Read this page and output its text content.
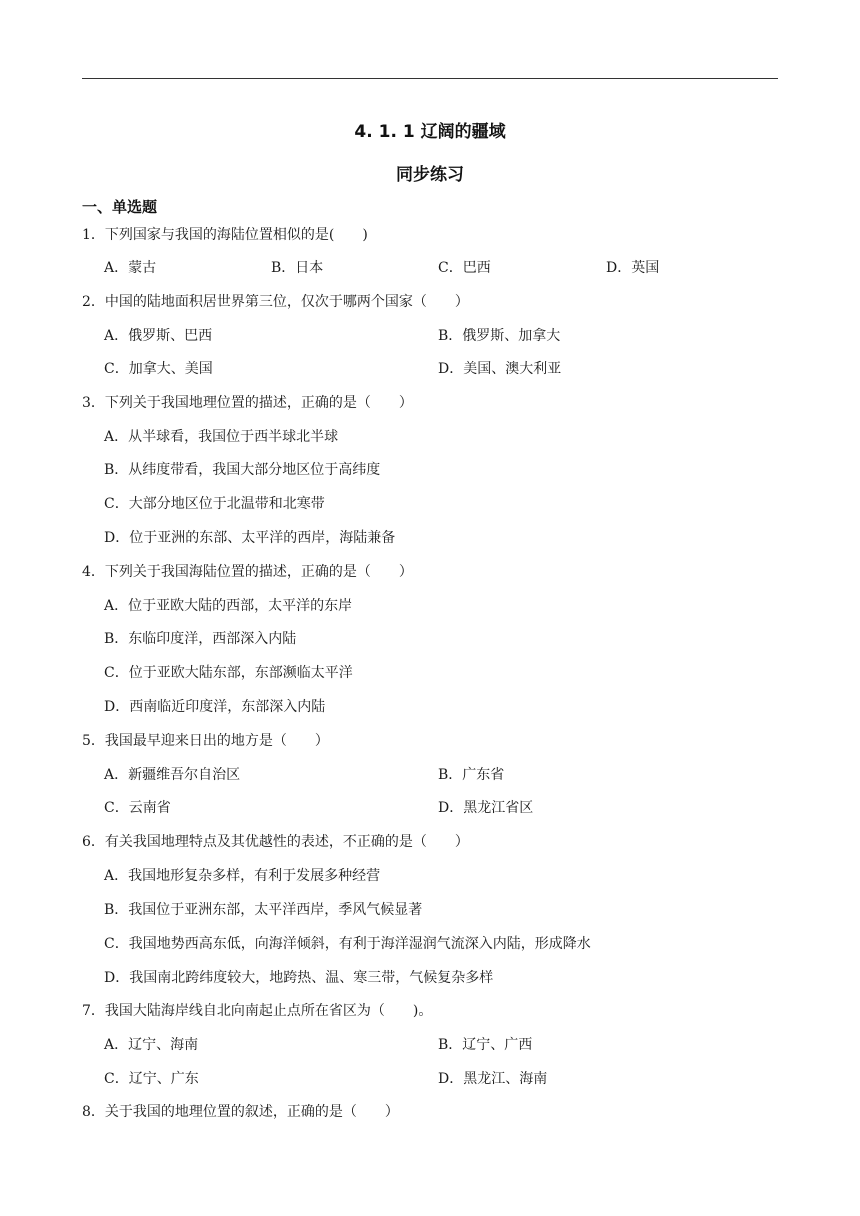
4. 1. 1 辽阔的疆域
同步练习
一、单选题
1．下列国家与我国的海陆位置相似的是(　　)
A．蒙古	B．日本	C．巴西	D．英国
2．中国的陆地面积居世界第三位，仅次于哪两个国家（　　）
A．俄罗斯、巴西	B．俄罗斯、加拿大
C．加拿大、美国	D．美国、澳大利亚
3．下列关于我国地理位置的描述，正确的是（　　）
A．从半球看，我国位于西半球北半球
B．从纬度带看，我国大部分地区位于高纬度
C．大部分地区位于北温带和北寒带
D．位于亚洲的东部、太平洋的西岸，海陆兼备
4．下列关于我国海陆位置的描述，正确的是（　　）
A．位于亚欧大陆的西部，太平洋的东岸
B．东临印度洋，西部深入内陆
C．位于亚欧大陆东部，东部濒临太平洋
D．西南临近印度洋，东部深入内陆
5．我国最早迎来日出的地方是（　　）
A．新疆维吾尔自治区	B．广东省
C．云南省	D．黑龙江省区
6．有关我国地理特点及其优越性的表述，不正确的是（　　）
A．我国地形复杂多样，有利于发展多种经营
B．我国位于亚洲东部，太平洋西岸，季风气候显著
C．我国地势西高东低，向海洋倾斜，有利于海洋湿润气流深入内陆，形成降水
D．我国南北跨纬度较大，地跨热、温、寒三带，气候复杂多样
7．我国大陆海岸线自北向南起止点所在省区为（　　)。
A．辽宁、海南	B．辽宁、广西
C．辽宁、广东	D．黑龙江、海南
8．关于我国的地理位置的叙述，正确的是（　　）
